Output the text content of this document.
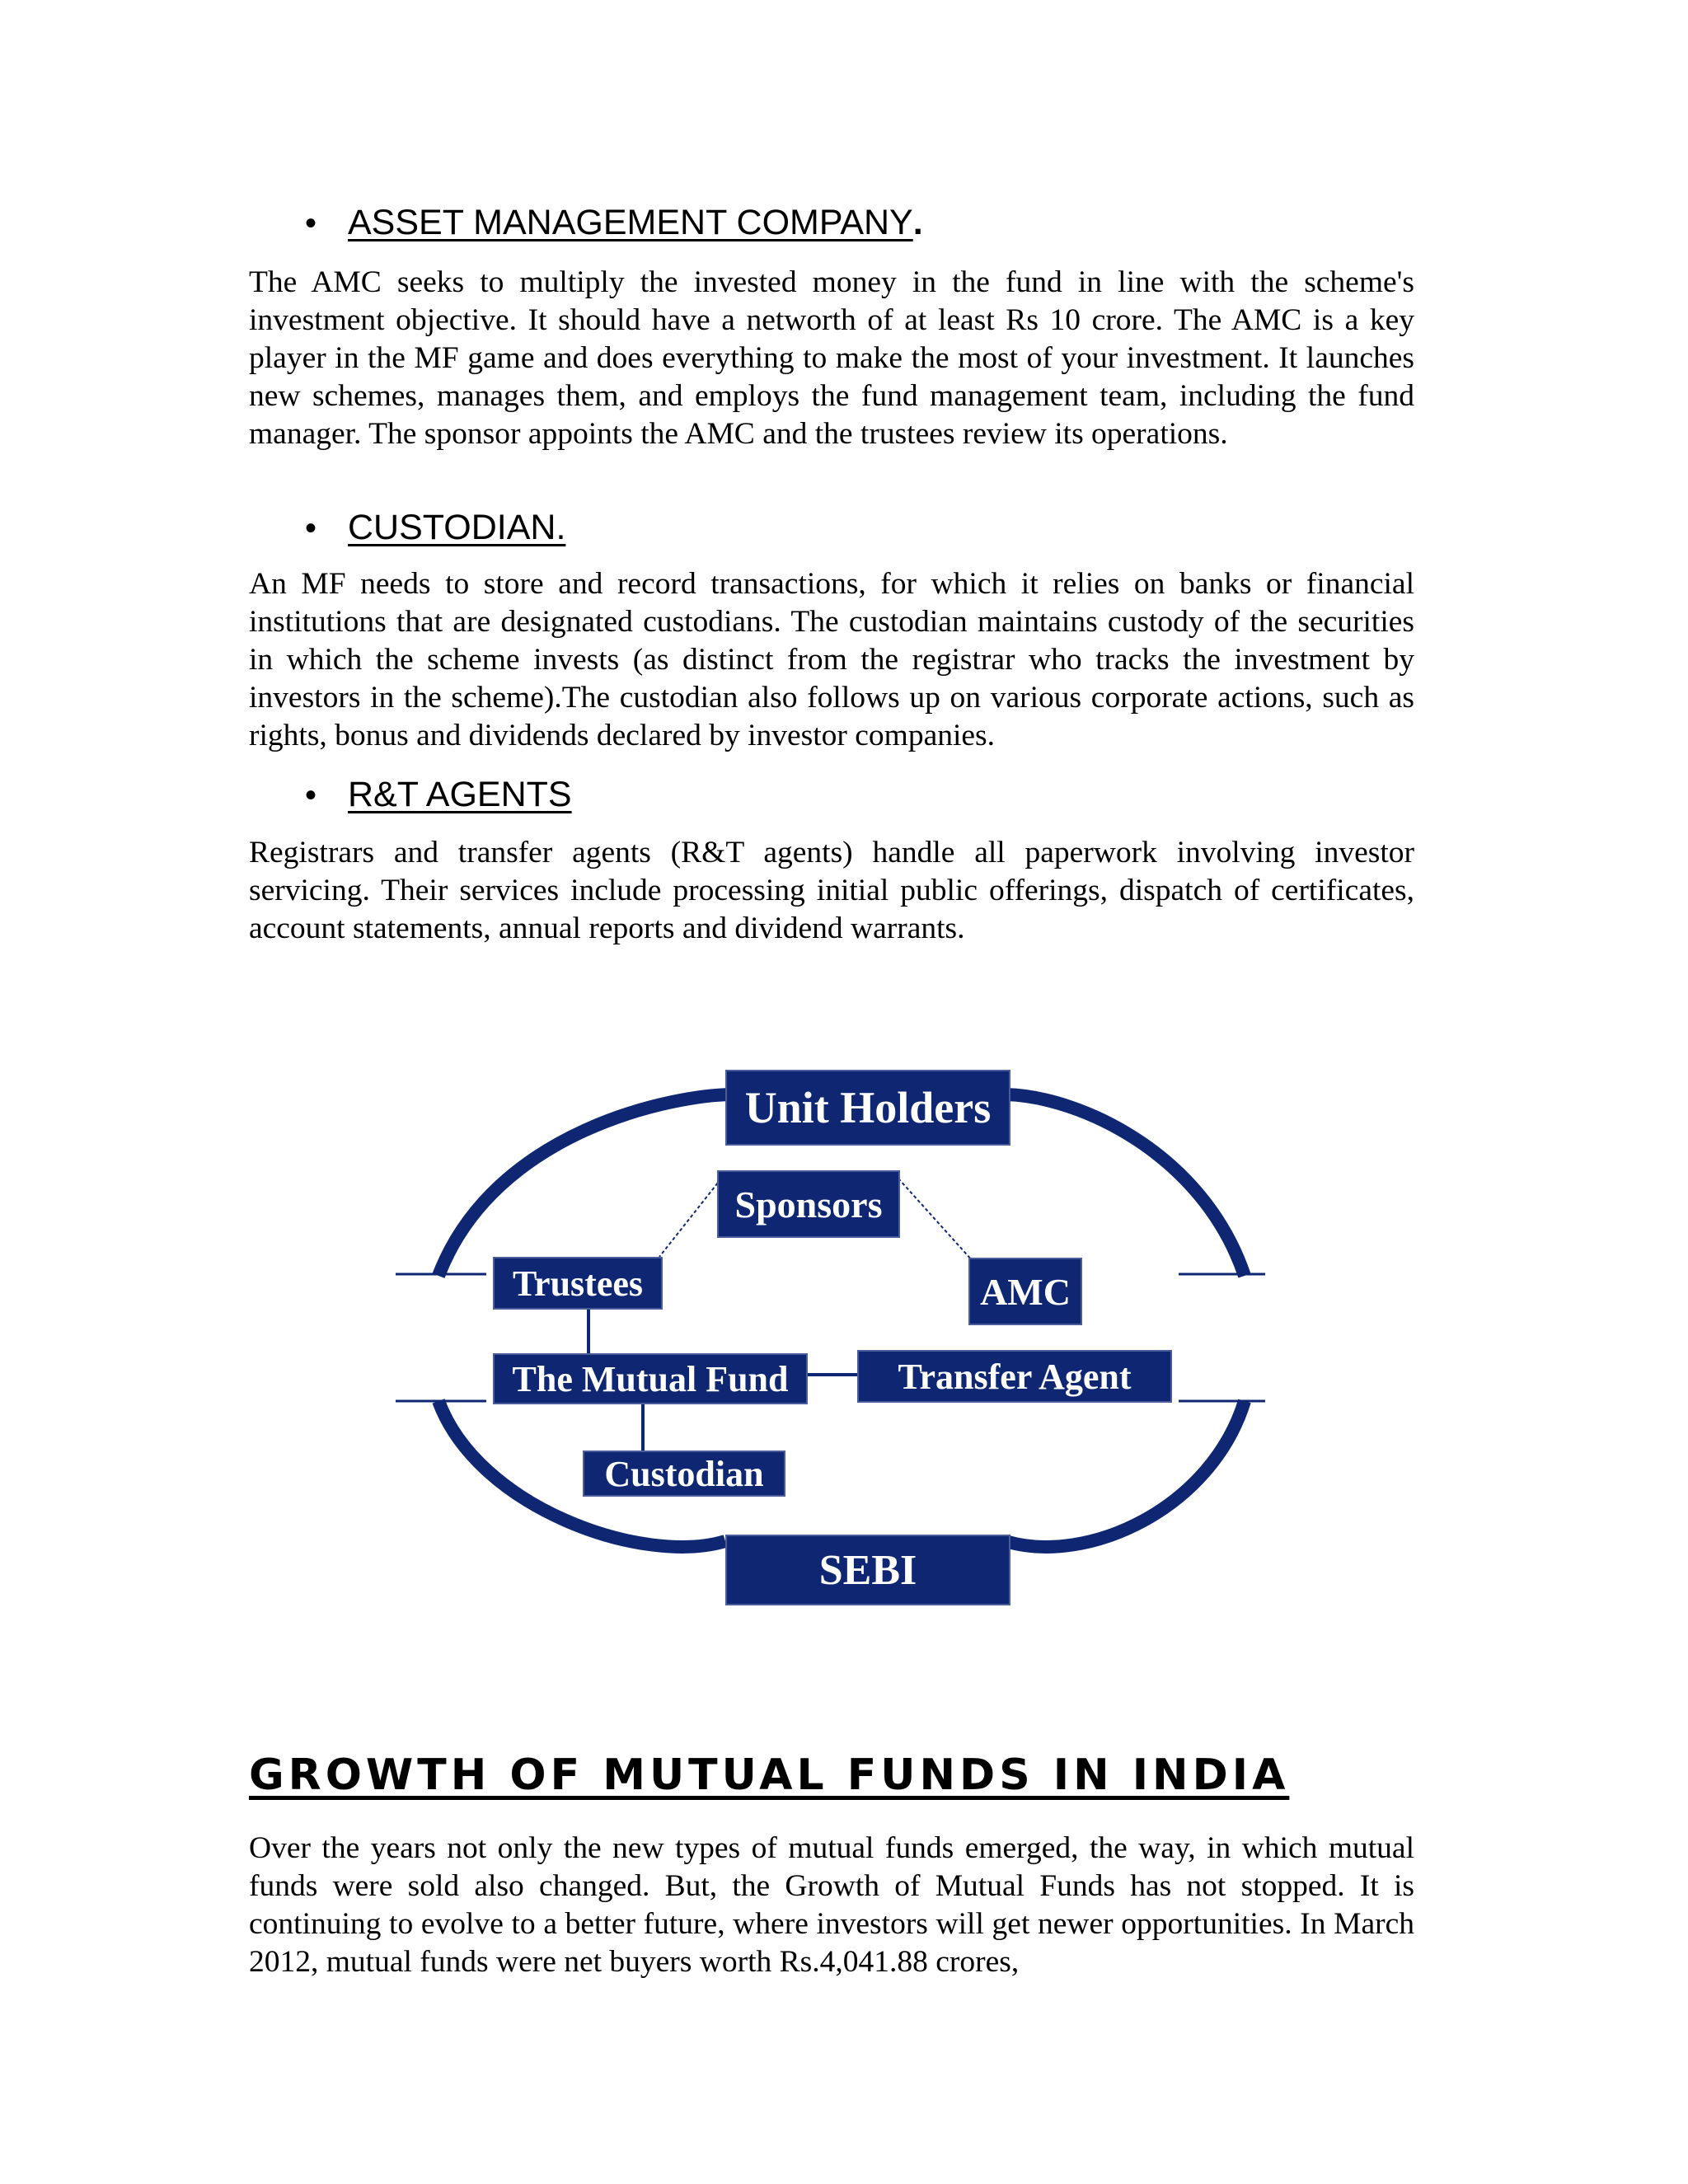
• ASSET MANAGEMENT COMPANY.

The AMC seeks to multiply the invested money in the fund in line with the scheme's investment objective. It should have a networth of at least Rs 10 crore. The AMC is a key player in the MF game and does everything to make the most of your investment. It launches new schemes, manages them, and employs the fund management team, including the fund manager. The sponsor appoints the AMC and the trustees review its operations.

• CUSTODIAN.

An MF needs to store and record transactions, for which it relies on banks or financial institutions that are designated custodians. The custodian maintains custody of the securities in which the scheme invests (as distinct from the registrar who tracks the investment by investors in the scheme).The custodian also follows up on various corporate actions, such as rights, bonus and dividends declared by investor companies.

• R&T AGENTS

Registrars and transfer agents (R&T agents) handle all paperwork involving investor servicing. Their services include processing initial public offerings, dispatch of certificates, account statements, annual reports and dividend warrants.

GROWTH OF MUTUAL FUNDS IN INDIA

Over the years not only the new types of mutual funds emerged, the way, in which mutual funds were sold also changed. But, the Growth of Mutual Funds has not stopped. It is continuing to evolve to a better future, where investors will get newer opportunities. In March 2012, mutual funds were net buyers worth Rs.4,041.88 crores,

Unit Holders
Sponsors
Trustees	AMC
The Mutual Fund	Transfer Agent
Custodian
SEBI
